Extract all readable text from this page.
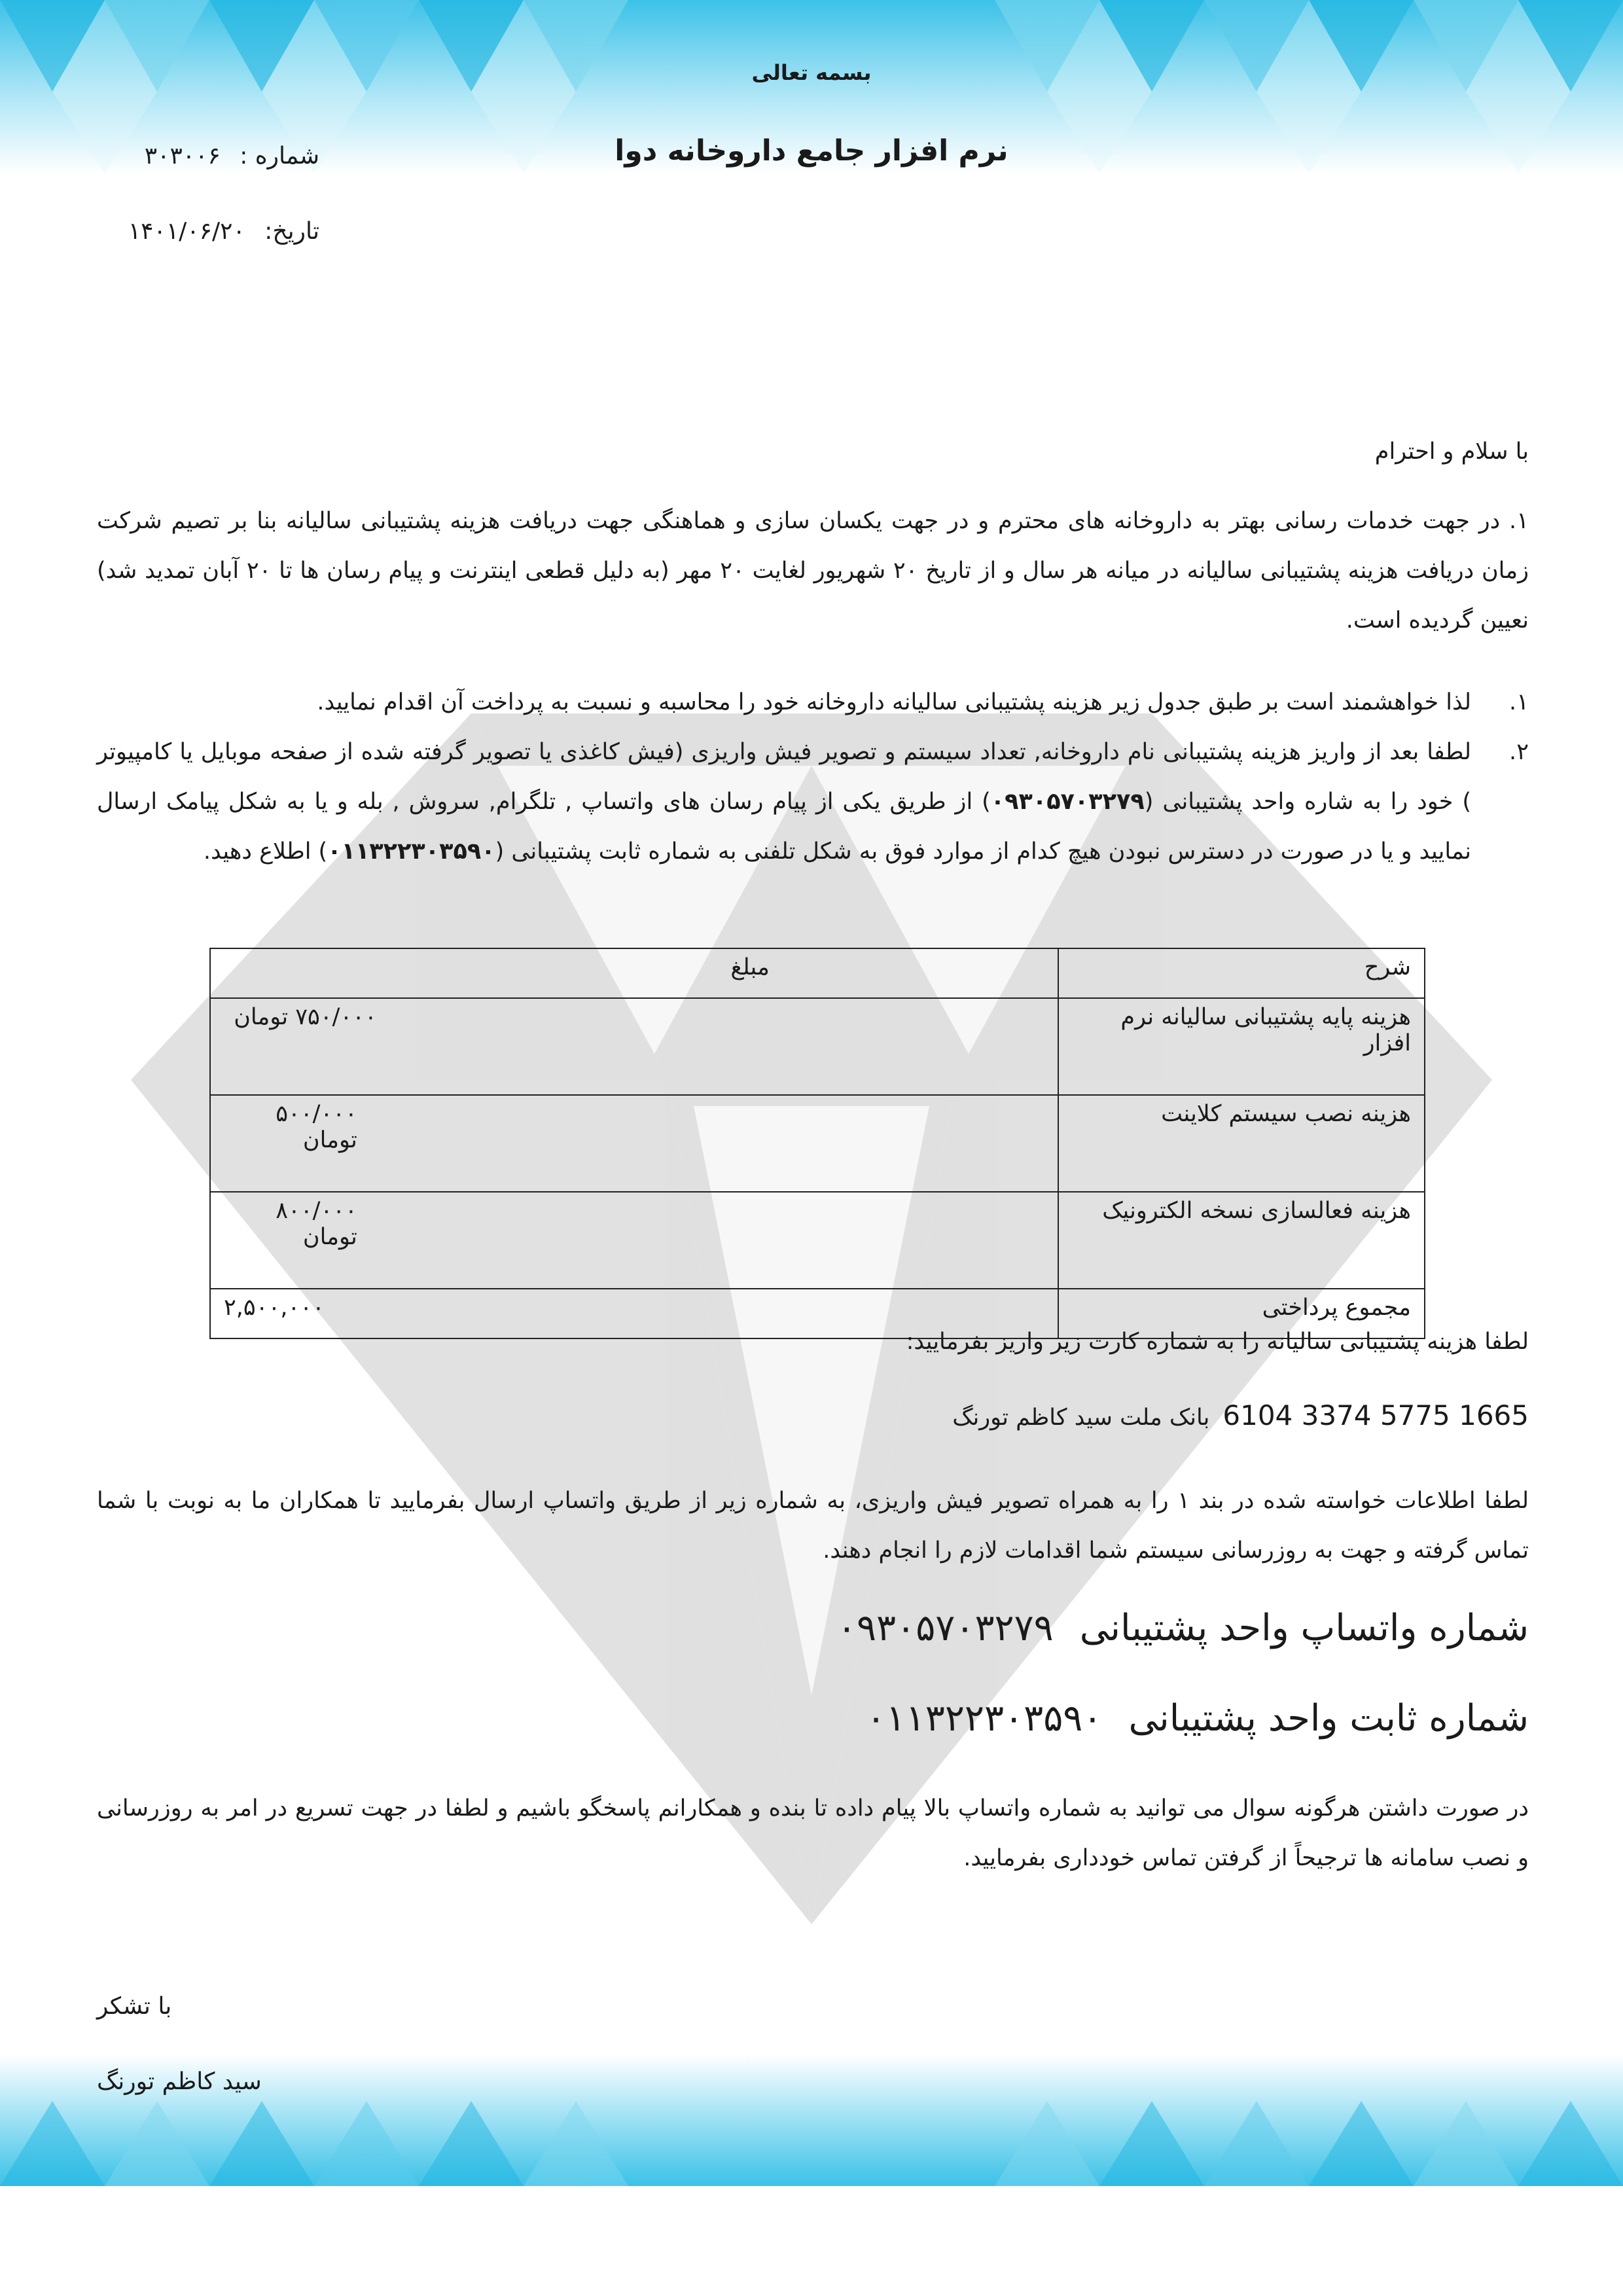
بسمه تعالی
نرم افزار جامع داروخانه دوا
شماره : ۳۰۳۰۰۶
تاریخ: ۱۴۰۱/۰۶/۲۰
با سلام و احترام
۱. در جهت خدمات رسانی بهتر به داروخانه های محترم و در جهت یکسان سازی و هماهنگی جهت دریافت هزینه پشتیبانی سالیانه بنا بر تصیم شرکت زمان دریافت هزینه پشتیبانی سالیانه در میانه هر سال و از تاریخ ۲۰ شهریور لغایت ۲۰ مهر (به دلیل قطعی اینترنت و پیام رسان ها تا ۲۰ آبان تمدید شد) نعیین گردیده است.
۱.
لذا خواهشمند است بر طبق جدول زیر هزینه پشتیبانی سالیانه داروخانه خود را محاسبه و نسبت به پرداخت آن اقدام نمایید.
۲.
لطفا بعد از واریز هزینه پشتیبانی نام داروخانه, تعداد سیستم و تصویر فیش واریزی (فیش کاغذی یا تصویر گرفته شده از صفحه موبایل یا کامپیوتر ) خود را به شاره واحد پشتیبانی (۰۹۳۰۵۷۰۳۲۷۹) از طریق یکی از پیام رسان های واتساپ , تلگرام, سروش , بله و یا به شکل پیامک ارسال نمایید و یا در صورت در دسترس نبودن هیچ کدام از موارد فوق به شکل تلفنی به شماره ثابت پشتیبانی (۰۱۱۳۲۲۳۰۳۵۹۰) اطلاع دهید.
شرح	مبلغ
هزینه پایه پشتیبانی سالیانه نرم افزار	۷۵۰/۰۰۰ تومان
هزینه نصب سیستم کلاینت	۵۰۰/۰۰۰ تومان
هزینه فعالسازی نسخه الکترونیک	۸۰۰/۰۰۰ تومان
مجموع پرداختی	۲,۵۰۰,۰۰۰
لطفا هزینه پشتیبانی سالیانه را به شماره کارت زیر واریز بفرمایید:
6104 3374 5775 1665بانک ملت سید کاظم تورنگ
لطفا اطلاعات خواسته شده در بند ۱ را به همراه تصویر فیش واریزی، به شماره زیر از طریق واتساپ ارسال بفرمایید تا همکاران ما به نوبت با شما تماس گرفته و جهت به روزرسانی سیستم شما اقدامات لازم را انجام دهند.
شماره واتساپ واحد پشتیبانی۰۹۳۰۵۷۰۳۲۷۹
شماره ثابت واحد پشتیبانی۰۱۱۳۲۲۳۰۳۵۹۰
در صورت داشتن هرگونه سوال می توانید به شماره واتساپ بالا پیام داده تا بنده و همکارانم پاسخگو باشیم و لطفا در جهت تسریع در امر به روزرسانی و نصب سامانه ها ترجیحاً از گرفتن تماس خودداری بفرمایید.
با تشکر
سید کاظم تورنگ
